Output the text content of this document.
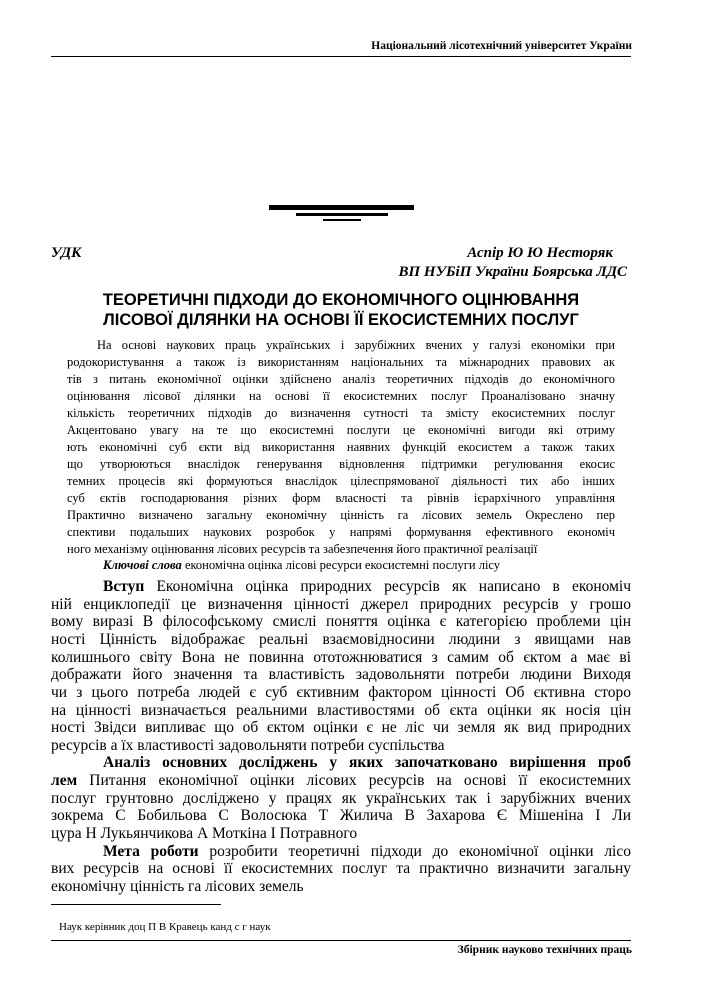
Національний лісотехнічний університет України
УДК	Аспір Ю Ю Несторяк
ВП НУБіП України Боярська ЛДС
ТЕОРЕТИЧНІ ПІДХОДИ ДО ЕКОНОМІЧНОГО ОЦІНЮВАННЯ
ЛІСОВОЇ ДІЛЯНКИ НА ОСНОВІ ЇЇ ЕКОСИСТЕМНИХ ПОСЛУГ
На основі наукових праць українських і зарубіжних вчених у галузі економіки при
родокористування а також із використанням національних та міжнародних правових ак
тів з питань економічної оцінки здійснено аналіз теоретичних підходів до економічного
оцінювання лісової ділянки на основі її екосистемних послуг Проаналізовано значну
кількість теоретичних підходів до визначення сутності та змісту екосистемних послуг
Акцентовано увагу на те що екосистемні послуги це економічні вигоди які отриму
ють економічні суб єкти від використання наявних функцій екосистем а також таких
що утворюються внаслідок генерування відновлення підтримки регулювання екосис
темних процесів які формуються внаслідок цілеспрямованої діяльності тих або інших
суб єктів господарювання різних форм власності та рівнів ієрархічного управління
Практично визначено загальну економічну цінність га лісових земель Окреслено пер
спективи подальших наукових розробок у напрямі формування ефективного економіч
ного механізму оцінювання лісових ресурсів та забезпечення його практичної реалізації
Ключові слова економічна оцінка лісові ресурси екосистемні послуги лісу
Вступ Економічна оцінка природних ресурсів як написано в економіч
ній енциклопедії це визначення цінності джерел природних ресурсів у грошо
вому виразі В філософському смислі поняття оцінка є категорією проблеми цін
ності Цінність відображає реальні взаємовідносини людини з явищами нав
колишнього світу Вона не повинна ототожнюватися з самим об єктом а має ві
дображати його значення та властивість задовольняти потреби людини Виходя
чи з цього потреба людей є суб єктивним фактором цінності Об єктивна сторо
на цінності визначається реальними властивостями об єкта оцінки як носія цін
ності Звідси випливає що об єктом оцінки є не ліс чи земля як вид природних
ресурсів а їх властивості задовольняти потреби суспільства
Аналіз основних досліджень у яких започатковано вирішення проб
лем Питання економічної оцінки лісових ресурсів на основі її екосистемних
послуг грунтовно досліджено у працях як українських так і зарубіжних вчених
зокрема С Бобильова С Волосюка Т Жилича В Захарова Є Мішеніна І Ли
цура Н Лукьянчикова А Моткіна І Потравного
Мета роботи розробити теоретичні підходи до економічної оцінки лісо
вих ресурсів на основі її екосистемних послуг та практично визначити загальну
економічну цінність га лісових земель
Наук керівник доц П В Кравець канд с г наук
Збірник науково технічних праць
